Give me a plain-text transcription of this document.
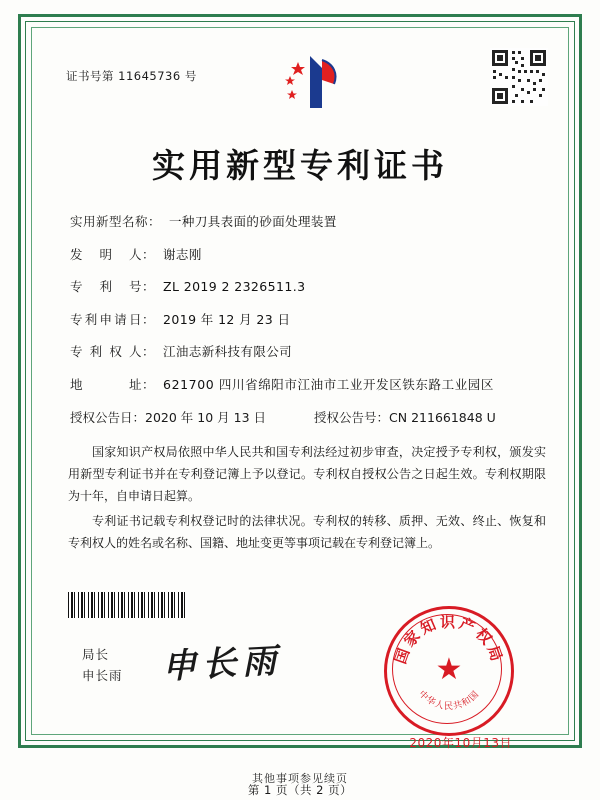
证书号第 11645736 号
实用新型专利证书
实用新型名称： 一种刀具表面的砂面处理装置
发明人 ： 谢志刚
专利号 ： ZL 2019 2 2326511.3
专利申请日 ： 2019 年 12 月 23 日
专利权人 ： 江油志新科技有限公司
地址 ： 621700 四川省绵阳市江油市工业开发区铁东路工业园区
授权公告日： 2020 年 10 月 13 日	授权公告号： CN 211661848 U

国家知识产权局依照中华人民共和国专利法经过初步审查，决定授予专利权，颁发实用新型专利证书并在专利登记簿上予以登记。专利权自授权公告之日起生效。专利权期限为十年，自申请日起算。

专利证书记载专利权登记时的法律状况。专利权的转移、质押、无效、终止、恢复和专利权人的姓名或名称、国籍、地址变更等事项记载在专利登记簿上。

局长
申长雨 申长雨	★
国家知识产权局
中华人民共和国
2020年10月13日
第 1 页（共 2 页）
其他事项参见续页
